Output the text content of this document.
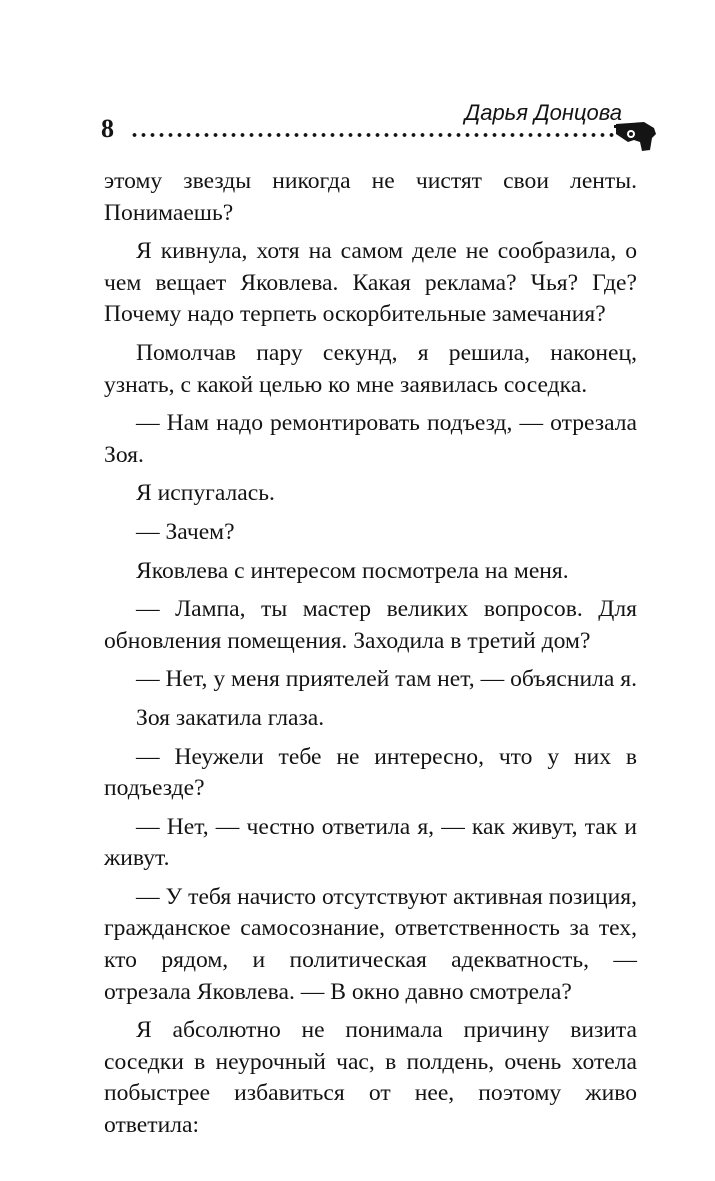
8
Дарья Донцова

этому звезды никогда не чистят свои ленты. Понимаешь?

Я кивнула, хотя на самом деле не сообразила, о чем вещает Яковлева. Какая реклама? Чья? Где? Почему надо терпеть оскорбительные замечания?

Помолчав пару секунд, я решила, наконец, узнать, с какой целью ко мне заявилась соседка.

— Нам надо ремонтировать подъезд, — отрезала Зоя.

Я испугалась.

— Зачем?

Яковлева с интересом посмотрела на меня.

— Лампа, ты мастер великих вопросов. Для обновления помещения. Заходила в третий дом?

— Нет, у меня приятелей там нет, — объяснила я.

Зоя закатила глаза.

— Неужели тебе не интересно, что у них в подъезде?

— Нет, — честно ответила я, — как живут, так и живут.

— У тебя начисто отсутствуют активная позиция, гражданское самосознание, ответственность за тех, кто рядом, и политическая адекватность, — отрезала Яковлева. — В окно давно смотрела?

Я абсолютно не понимала причину визита соседки в неурочный час, в полдень, очень хотела побыстрее избавиться от нее, поэтому живо ответила:
